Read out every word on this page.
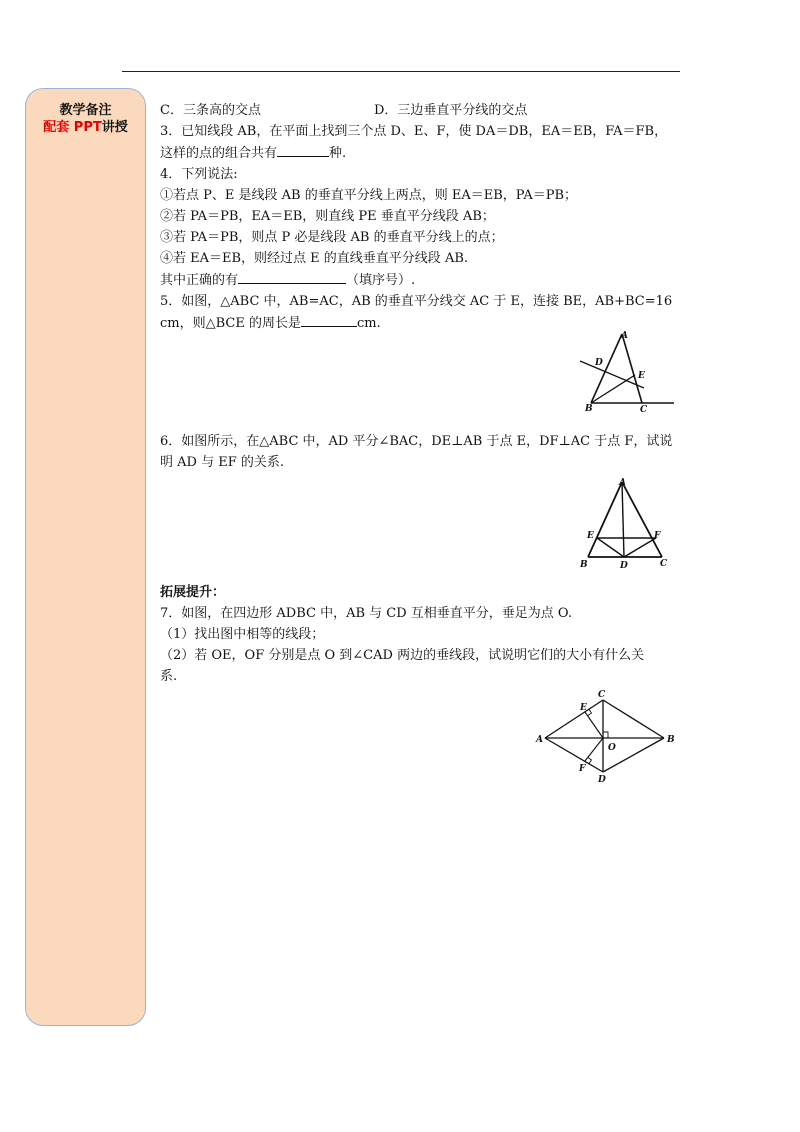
教学备注
配套 PPT讲授
C．三条高的交点	D．三边垂直平分线的交点
3．已知线段 AB，在平面上找到三个点 D、E、F，使 DA＝DB，EA＝EB，FA＝FB，
这样的点的组合共有	种.
4．下列说法:
①若点 P、E 是线段 AB 的垂直平分线上两点，则 EA＝EB，PA＝PB；
②若 PA＝PB，EA＝EB，则直线 PE 垂直平分线段 AB；
③若 PA＝PB，则点 P 必是线段 AB 的垂直平分线上的点；
④若 EA＝EB，则经过点 E 的直线垂直平分线段 AB.
其中正确的有	（填序号）.
5．如图，△ABC 中，AB=AC，AB 的垂直平分线交 AC 于 E，连接 BE，AB+BC=16
cm，则△BCE 的周长是	cm.
A
D
E
B	C
6．如图所示，在△ABC 中，AD 平分∠BAC，DE⊥AB 于点 E，DF⊥AC 于点 F，试说
明 AD 与 EF 的关系.
A
E	F
B	D	C
拓展提升：
7．如图，在四边形 ADBC 中，AB 与 CD 互相垂直平分，垂足为点 O.
（1）找出图中相等的线段；
（2）若 OE，OF 分别是点 O 到∠CAD 两边的垂线段，试说明它们的大小有什么关
系.
C
E
A
O
B
F
D
